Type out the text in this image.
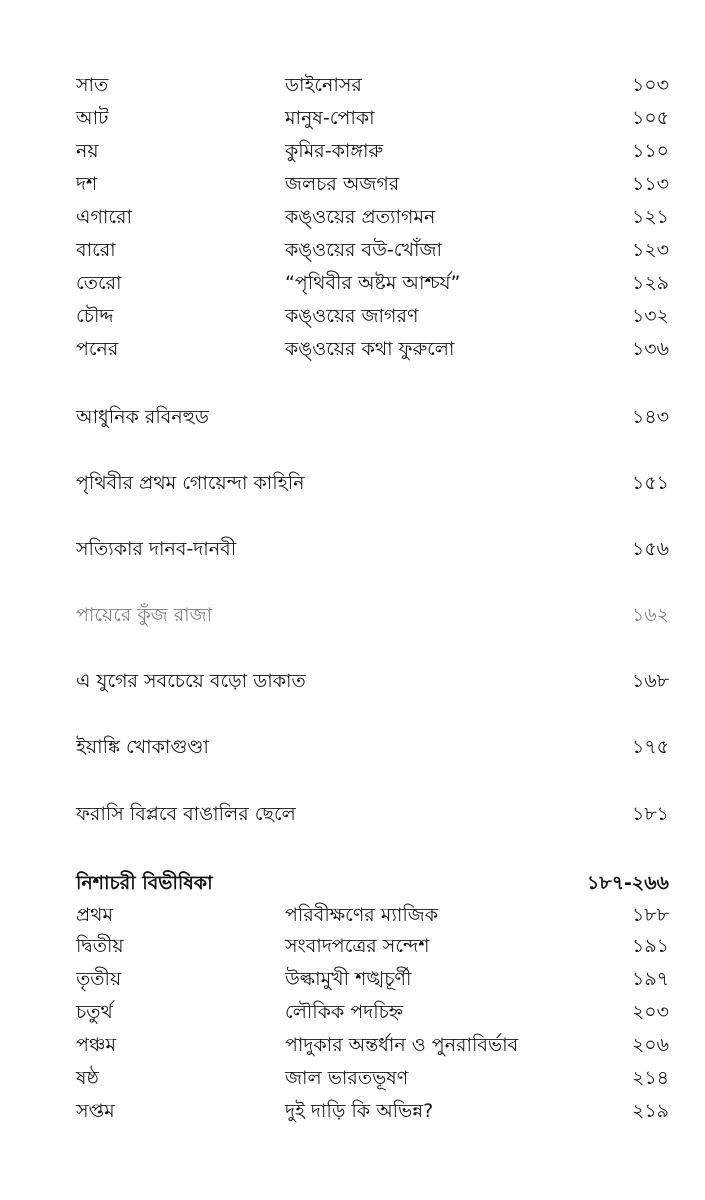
সাত	ডাইনোসর	১০৩
আট	মানুষ-পোকা	১০৫
নয়	কুমির-কাঙ্গারু	১১০
দশ	জলচর অজগর	১১৩
এগারো	কঙ্ওয়ের প্রত্যাগমন	১২১
বারো	কঙ্ওয়ের বউ-খোঁজা	১২৩
তেরো	“পৃথিবীর অষ্টম আশ্চর্য”	১২৯
চৌদ্দ	কঙ্ওয়ের জাগরণ	১৩২
পনের	কঙ্ওয়ের কথা ফুরুলো	১৩৬
আধুনিক রবিনহুড	১৪৩
পৃথিবীর প্রথম গোয়েন্দা কাহিনি	১৫১
সত্যিকার দানব-দানবী	১৫৬
পায়েরে কুঁজ রাজা	১৬২
এ যুগের সবচেয়ে বড়ো ডাকাত	১৬৮
ইয়াঙ্কি খোকাগুণ্ডা	১৭৫
ফরাসি বিপ্লবে বাঙালির ছেলে	১৮১
নিশাচরী বিভীষিকা	১৮৭-২৬৬
প্রথম	পরিবীক্ষণের ম্যাজিক	১৮৮
দ্বিতীয়	সংবাদপত্রের সন্দেশ	১৯১
তৃতীয়	উল্কামুখী শঙ্খচূর্ণী	১৯৭
চতুর্থ	লৌকিক পদচিহ্ন	২০৩
পঞ্চম	পাদুকার অন্তর্ধান ও পুনরাবির্ভাব	২০৬
ষষ্ঠ	জাল ভারতভূষণ	২১৪
সপ্তম	দুই দাড়ি কি অভিন্ন?	২১৯
